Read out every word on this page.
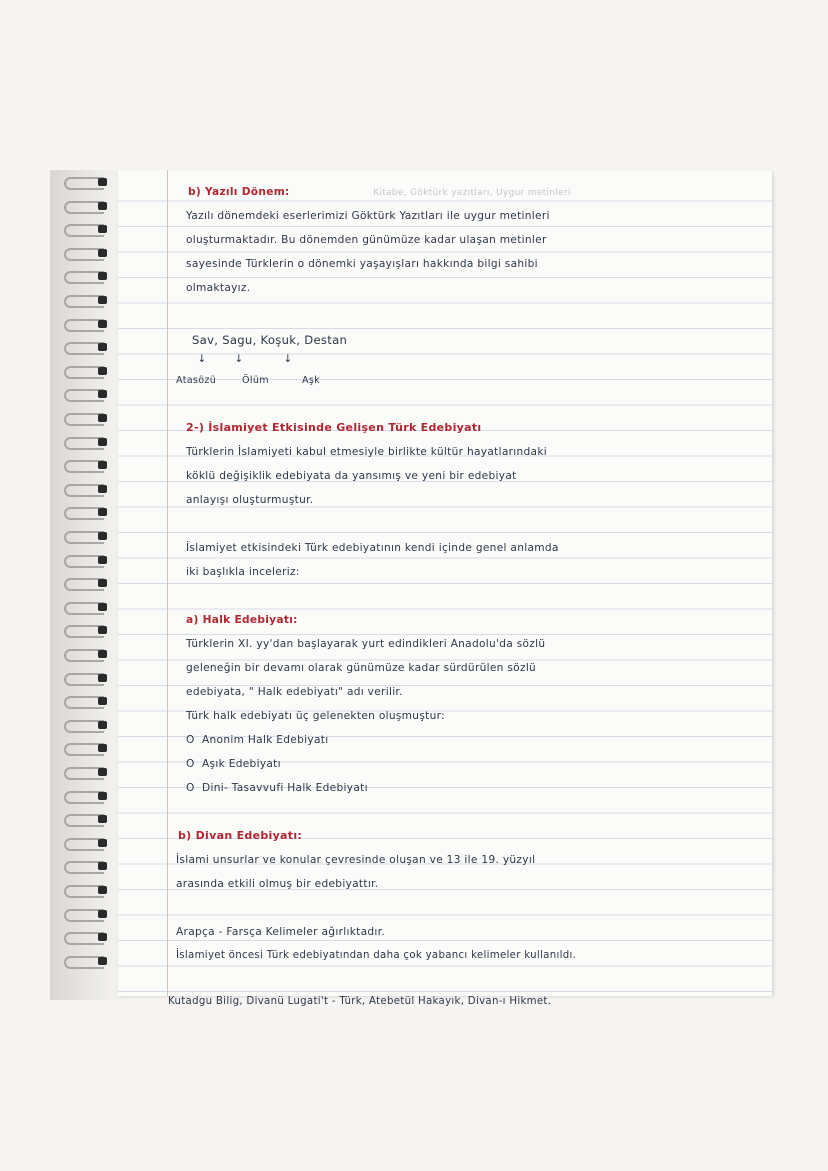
b) Yazılı Dönem:	Kitabe, Göktürk yazıtları, Uygur metinleri
Yazılı dönemdeki eserlerimizi Göktürk Yazıtları ile uygur metinleri
oluşturmaktadır. Bu dönemden günümüze kadar ulaşan metinler
sayesinde Türklerin o dönemki yaşayışları hakkında bilgi sahibi
olmaktayız.
Sav, Sagu, Koşuk, Destan
↓	↓	↓
Atasözü	Ölüm	Aşk
2-) İslamiyet Etkisinde Gelişen Türk Edebiyatı
Türklerin İslamiyeti kabul etmesiyle birlikte kültür hayatlarındaki
köklü değişiklik edebiyata da yansımış ve yeni bir edebiyat
anlayışı oluşturmuştur.
İslamiyet etkisindeki Türk edebiyatının kendi içinde genel anlamda
iki başlıkla inceleriz:
a) Halk Edebiyatı:
Türklerin XI. yy'dan başlayarak yurt edindikleri Anadolu'da sözlü
geleneğin bir devamı olarak günümüze kadar sürdürülen sözlü
edebiyata, " Halk edebiyatı" adı verilir.
Türk halk edebiyatı üç gelenekten oluşmuştur:
O Anonim Halk Edebiyatı
O Aşık Edebiyatı
O Dini- Tasavvufi Halk Edebiyatı
b) Divan Edebiyatı:
İslami unsurlar ve konular çevresinde oluşan ve 13 ile 19. yüzyıl
arasında etkili olmuş bir edebiyattır.
Arapça - Farsça Kelimeler ağırlıktadır.
İslamiyet öncesi Türk edebiyatından daha çok yabancı kelimeler kullanıldı.
Kutadgu Bilig, Divanü Lugati't - Türk, Atebetül Hakayık, Divan-ı Hikmet.
